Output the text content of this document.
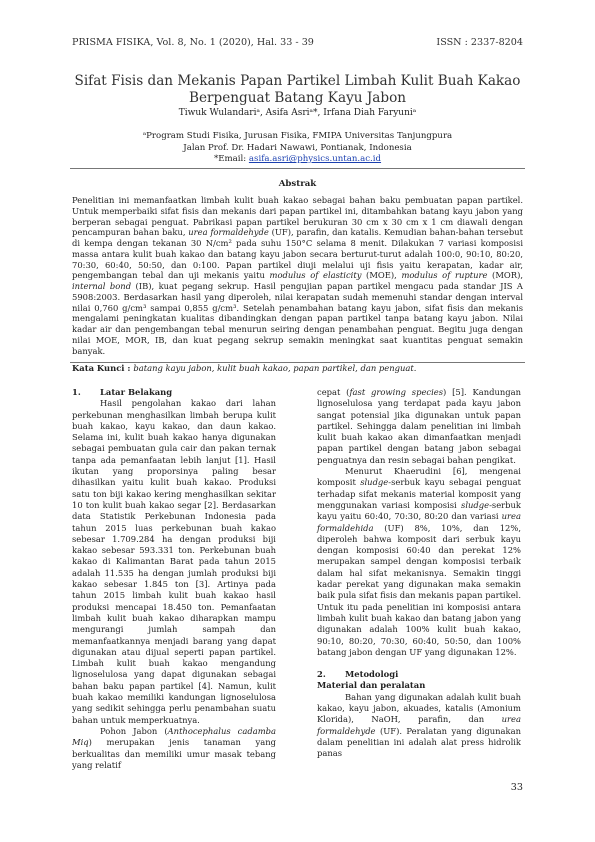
PRISMA FISIKA, Vol. 8, No. 1 (2020), Hal. 33 - 39	ISSN : 2337-8204
Sifat Fisis dan Mekanis Papan Partikel Limbah Kulit Buah Kakao
Berpenguat Batang Kayu Jabon
Tiwuk Wulandariᵃ, Asifa Asriᵃ*, Irfana Diah Faryuniᵃ
ᵃProgram Studi Fisika, Jurusan Fisika, FMIPA Universitas Tanjungpura
Jalan Prof. Dr. Hadari Nawawi, Pontianak, Indonesia
*Email: asifa.asri@physics.untan.ac.id
Abstrak
Penelitian ini memanfaatkan limbah kulit buah kakao sebagai bahan baku pembuatan papan partikel. Untuk memperbaiki sifat fisis dan mekanis dari papan partikel ini, ditambahkan batang kayu jabon yang berperan sebagai penguat. Pabrikasi papan partikel berukuran 30 cm x 30 cm x 1 cm diawali dengan pencampuran bahan baku, urea formaldehyde (UF), parafin, dan katalis. Kemudian bahan-bahan tersebut di kempa dengan tekanan 30 N/cm² pada suhu 150°C selama 8 menit. Dilakukan 7 variasi komposisi massa antara kulit buah kakao dan batang kayu jabon secara berturut-turut adalah 100:0, 90:10, 80:20, 70:30, 60:40, 50:50, dan 0:100. Papan partikel diuji melalui uji fisis yaitu kerapatan, kadar air, pengembangan tebal dan uji mekanis yaitu modulus of elasticity (MOE), modulus of rupture (MOR), internal bond (IB), kuat pegang sekrup. Hasil pengujian papan partikel mengacu pada standar JIS A 5908:2003. Berdasarkan hasil yang diperoleh, nilai kerapatan sudah memenuhi standar dengan interval nilai 0,760 g/cm³ sampai 0,855 g/cm³. Setelah penambahan batang kayu jabon, sifat fisis dan mekanis mengalami peningkatan kualitas dibandingkan dengan papan partikel tanpa batang kayu jabon. Nilai kadar air dan pengembangan tebal menurun seiring dengan penambahan penguat. Begitu juga dengan nilai MOE, MOR, IB, dan kuat pegang sekrup semakin meningkat saat kuantitas penguat semakin banyak.
Kata Kunci : batang kayu jabon, kulit buah kakao, papan partikel, dan penguat.
1.	Latar Belakang

Hasil pengolahan kakao dari lahan perkebunan menghasilkan limbah berupa kulit buah kakao, kayu kakao, dan daun kakao. Selama ini, kulit buah kakao hanya digunakan sebagai pembuatan gula cair dan pakan ternak tanpa ada pemanfaatan lebih lanjut [1]. Hasil ikutan yang proporsinya paling besar dihasilkan yaitu kulit buah kakao. Produksi satu ton biji kakao kering menghasilkan sekitar 10 ton kulit buah kakao segar [2]. Berdasarkan data Statistik Perkebunan Indonesia pada tahun 2015 luas perkebunan buah kakao sebesar 1.709.284 ha dengan produksi biji kakao sebesar 593.331 ton. Perkebunan buah kakao di Kalimantan Barat pada tahun 2015 adalah 11.535 ha dengan jumlah produksi biji kakao sebesar 1.845 ton [3]. Artinya pada tahun 2015 limbah kulit buah kakao hasil produksi mencapai 18.450 ton. Pemanfaatan limbah kulit buah kakao diharapkan mampu mengurangi jumlah sampah dan memanfaatkannya menjadi barang yang dapat digunakan atau dijual seperti papan partikel. Limbah kulit buah kakao mengandung lignoselulosa yang dapat digunakan sebagai bahan baku papan partikel [4]. Namun, kulit buah kakao memiliki kandungan lignoselulosa yang sedikit sehingga perlu penambahan suatu bahan untuk memperkuatnya.

Pohon Jabon (Anthocephalus cadamba Miq) merupakan jenis tanaman yang berkualitas dan memiliki umur masak tebang yang relatif

cepat (fast growing species) [5]. Kandungan lignoselulosa yang terdapat pada kayu jabon sangat potensial jika digunakan untuk papan partikel. Sehingga dalam penelitian ini limbah kulit buah kakao akan dimanfaatkan menjadi papan partikel dengan batang jabon sebagai penguatnya dan resin sebagai bahan pengikat.

Menurut Khaerudini [6], mengenai komposit sludge-serbuk kayu sebagai penguat terhadap sifat mekanis material komposit yang menggunakan variasi komposisi sludge-serbuk kayu yaitu 60:40, 70:30, 80:20 dan variasi urea formaldehida (UF) 8%, 10%, dan 12%, diperoleh bahwa komposit dari serbuk kayu dengan komposisi 60:40 dan perekat 12% merupakan sampel dengan komposisi terbaik dalam hal sifat mekanisnya. Semakin tinggi kadar perekat yang digunakan maka semakin baik pula sifat fisis dan mekanis papan partikel. Untuk itu pada penelitian ini komposisi antara limbah kulit buah kakao dan batang jabon yang digunakan adalah 100% kulit buah kakao, 90:10, 80:20, 70:30, 60:40, 50:50, dan 100% batang jabon dengan UF yang digunakan 12%.

2.	Metodologi
Material dan peralatan

Bahan yang digunakan adalah kulit buah kakao, kayu jabon, akuades, katalis (Amonium Klorida), NaOH, parafin, dan urea formaldehyde (UF). Peralatan yang digunakan dalam penelitian ini adalah alat press hidrolik panas

33
